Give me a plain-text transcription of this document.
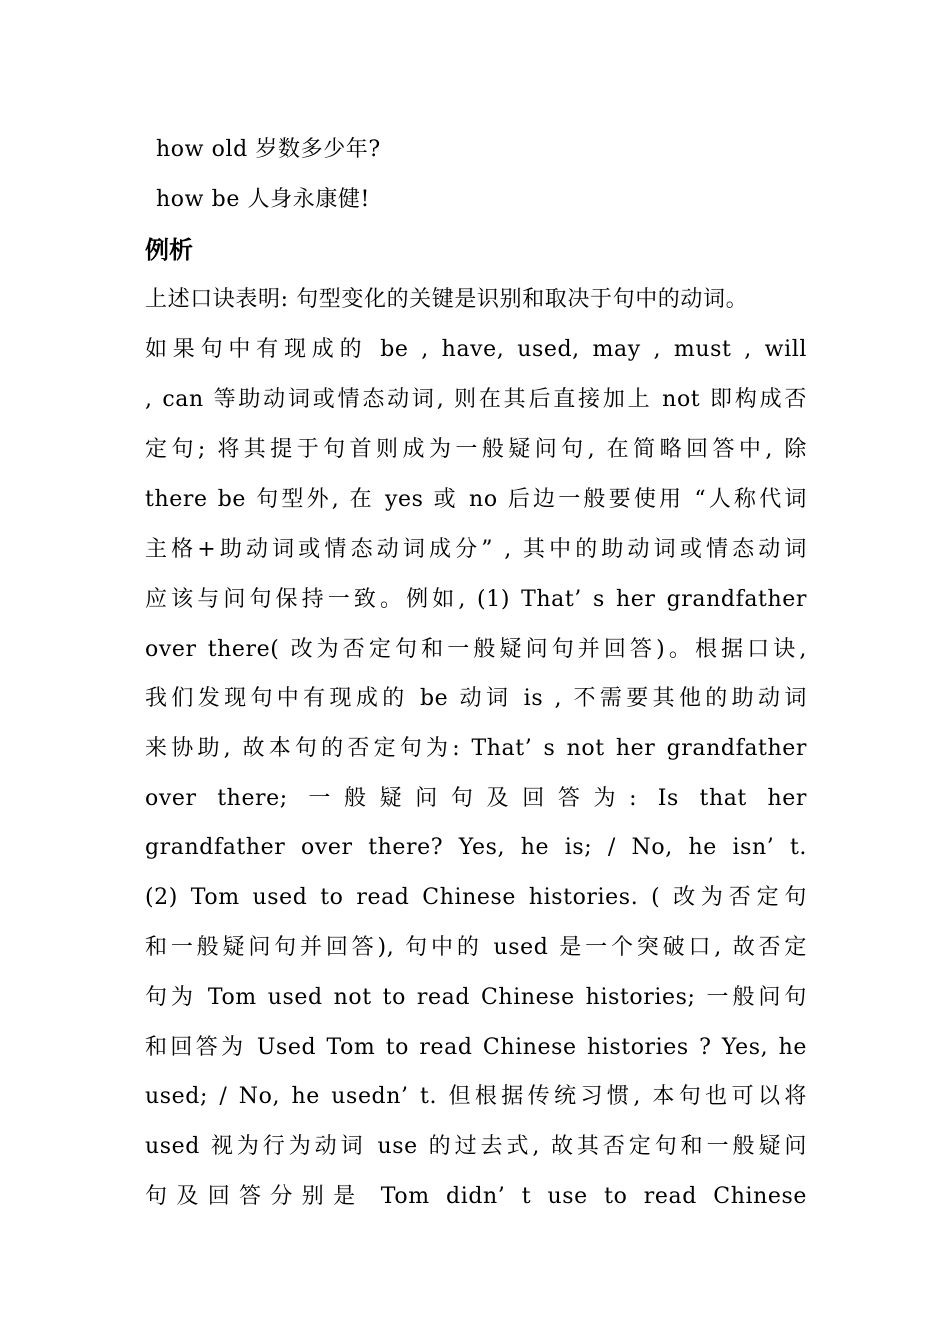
how old 岁数多少年?
how be 人身永康健!
例析
上述口诀表明: 句型变化的关键是识别和取决于句中的动词。
如果句中有现成的 be , have, used, may , must , will
, can 等助动词或情态动词, 则在其后直接加上 not 即构成否
定句; 将其提于句首则成为一般疑问句, 在简略回答中, 除
there be 句型外, 在 yes 或 no 后边一般要使用 “人称代词
主格+助动词或情态动词成分” , 其中的助动词或情态动词
应该与问句保持一致。例如, (1) That’ s her grandfather
over there( 改为否定句和一般疑问句并回答)。根据口诀,
我们发现句中有现成的 be 动词 is , 不需要其他的助动词
来协助, 故本句的否定句为: That’ s not her grandfather
over there; 一般疑问句及回答为: Is that her
grandfather over there? Yes, he is; / No, he isn’ t.
(2) Tom used to read Chinese histories. ( 改为否定句
和一般疑问句并回答), 句中的 used 是一个突破口, 故否定
句为 Tom used not to read Chinese histories; 一般问句
和回答为 Used Tom to read Chinese histories ? Yes, he
used; / No, he usedn’ t. 但根据传统习惯, 本句也可以将
used 视为行为动词 use 的过去式, 故其否定句和一般疑问
句及回答分别是 Tom didn’ t use to read Chinese
